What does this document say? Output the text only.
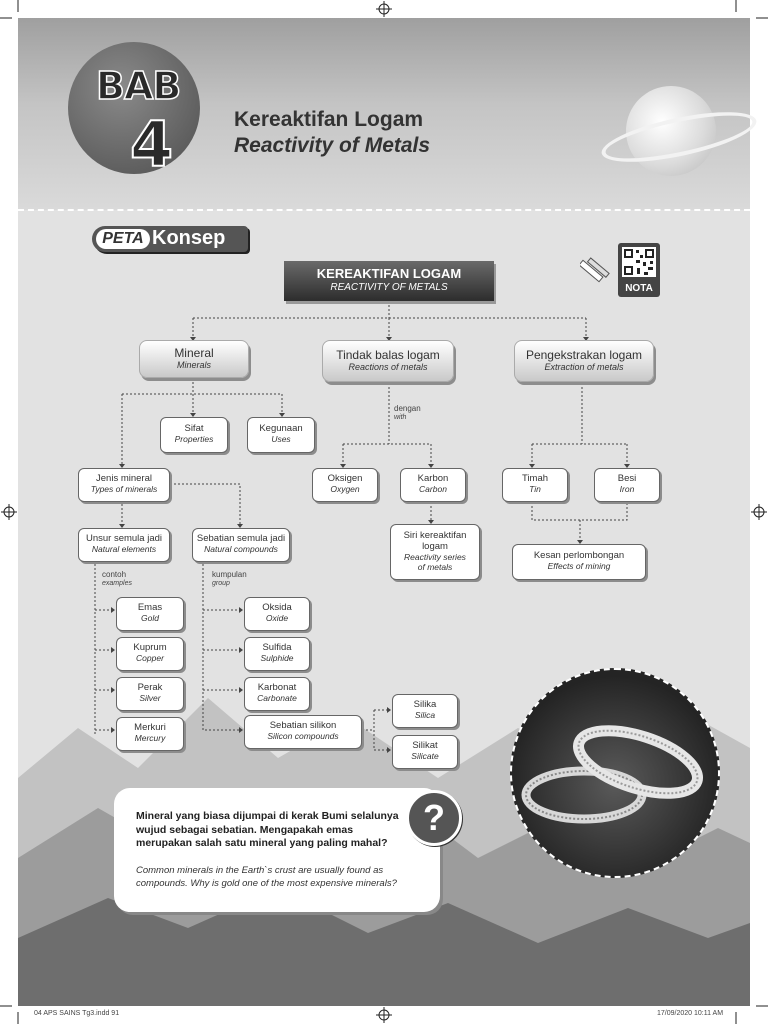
BAB
4	Kereaktifan Logam
Reactivity of Metals
PETA Konsep
NOTA
KEREAKTIFAN LOGAM
REACTIVITY OF METALS
Mineral
Minerals
Tindak balas logam
Reactions of metals
Pengekstrakan logam
Extraction of metals
Sifat
Properties
Kegunaan
Uses
Jenis mineral
Types of minerals
Unsur semula jadi
Natural elements
Sebatian semula jadi
Natural compounds
contoh
examples
kumpulan
group
Emas
Gold
Kuprum
Copper
Perak
Silver
Merkuri
Mercury
Oksida
Oxide
Sulfida
Sulphide
Karbonat
Carbonate
Sebatian silikon
Silicon compounds
Silika
Silica
Silikat
Silicate
dengan
with
Oksigen
Oxygen
Karbon
Carbon
Siri kereaktifan
logam
Reactivity series
of metals
Timah
Tin
Besi
Iron
Kesan perlombongan
Effects of mining
Mineral yang biasa dijumpai di kerak Bumi selalunya wujud sebagai sebatian. Mengapakah emas merupakan salah satu mineral yang paling mahal?
Common minerals in the Earth`s crust are usually found as compounds. Why is gold one of the most expensive minerals?
?
04 APS SAINS Tg3.indd 91	17/09/2020 10:11 AM
